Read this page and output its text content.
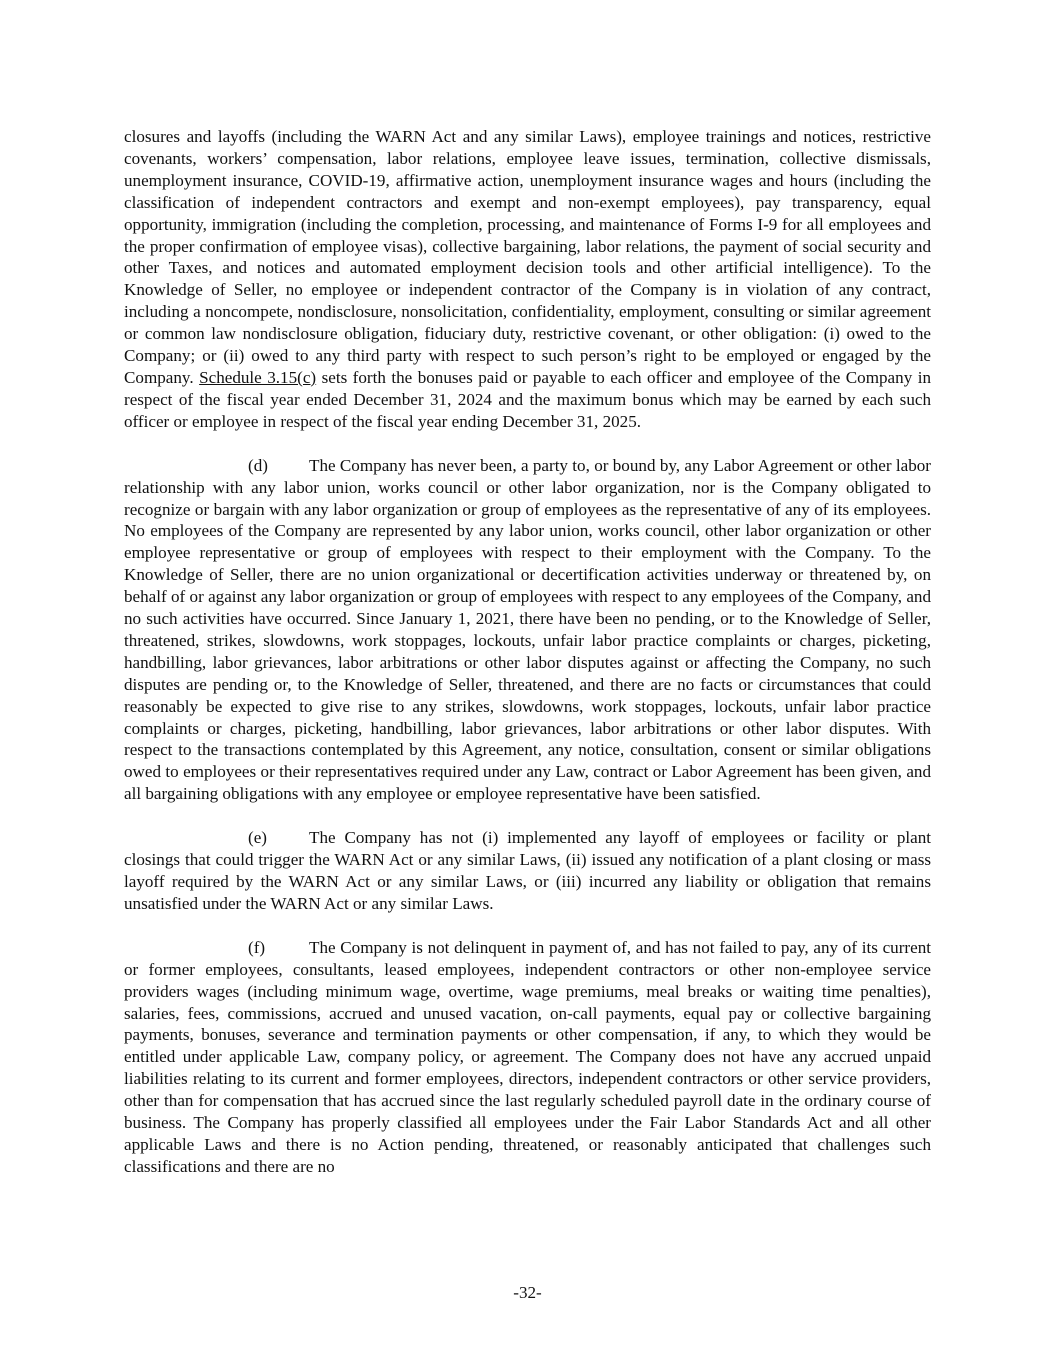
closures and layoffs (including the WARN Act and any similar Laws), employee trainings and notices, restrictive covenants, workers’ compensation, labor relations, employee leave issues, termination, collective dismissals, unemployment insurance, COVID-19, affirmative action, unemployment insurance wages and hours (including the classification of independent contractors and exempt and non-exempt employees), pay transparency, equal opportunity, immigration (including the completion, processing, and maintenance of Forms I-9 for all employees and the proper confirmation of employee visas), collective bargaining, labor relations, the payment of social security and other Taxes, and notices and automated employment decision tools and other artificial intelligence). To the Knowledge of Seller, no employee or independent contractor of the Company is in violation of any contract, including a noncompete, nondisclosure, nonsolicitation, confidentiality, employment, consulting or similar agreement or common law nondisclosure obligation, fiduciary duty, restrictive covenant, or other obligation: (i) owed to the Company; or (ii) owed to any third party with respect to such person’s right to be employed or engaged by the Company. Schedule 3.15(c) sets forth the bonuses paid or payable to each officer and employee of the Company in respect of the fiscal year ended December 31, 2024 and the maximum bonus which may be earned by each such officer or employee in respect of the fiscal year ending December 31, 2025.

(d) The Company has never been, a party to, or bound by, any Labor Agreement or other labor relationship with any labor union, works council or other labor organization, nor is the Company obligated to recognize or bargain with any labor organization or group of employees as the representative of any of its employees. No employees of the Company are represented by any labor union, works council, other labor organization or other employee representative or group of employees with respect to their employment with the Company. To the Knowledge of Seller, there are no union organizational or decertification activities underway or threatened by, on behalf of or against any labor organization or group of employees with respect to any employees of the Company, and no such activities have occurred. Since January 1, 2021, there have been no pending, or to the Knowledge of Seller, threatened, strikes, slowdowns, work stoppages, lockouts, unfair labor practice complaints or charges, picketing, handbilling, labor grievances, labor arbitrations or other labor disputes against or affecting the Company, no such disputes are pending or, to the Knowledge of Seller, threatened, and there are no facts or circumstances that could reasonably be expected to give rise to any strikes, slowdowns, work stoppages, lockouts, unfair labor practice complaints or charges, picketing, handbilling, labor grievances, labor arbitrations or other labor disputes. With respect to the transactions contemplated by this Agreement, any notice, consultation, consent or similar obligations owed to employees or their representatives required under any Law, contract or Labor Agreement has been given, and all bargaining obligations with any employee or employee representative have been satisfied.

(e) The Company has not (i) implemented any layoff of employees or facility or plant closings that could trigger the WARN Act or any similar Laws, (ii) issued any notification of a plant closing or mass layoff required by the WARN Act or any similar Laws, or (iii) incurred any liability or obligation that remains unsatisfied under the WARN Act or any similar Laws.

(f)	The Company is not delinquent in payment of, and has not failed to pay, any of its current or former employees, consultants, leased employees, independent contractors or other non-employee service providers wages (including minimum wage, overtime, wage premiums, meal breaks or waiting time penalties), salaries, fees, commissions, accrued and unused vacation, on-call payments, equal pay or collective bargaining payments, bonuses, severance and termination payments or other compensation, if any, to which they would be entitled under applicable Law, company policy, or agreement. The Company does not have any accrued unpaid liabilities relating to its current and former employees, directors, independent contractors or other service providers, other than for compensation that has accrued since the last regularly scheduled payroll date in the ordinary course of business. The Company has properly classified all employees under the Fair Labor Standards Act and all other applicable Laws and there is no Action pending, threatened, or reasonably anticipated that challenges such classifications and there are no

-32-
